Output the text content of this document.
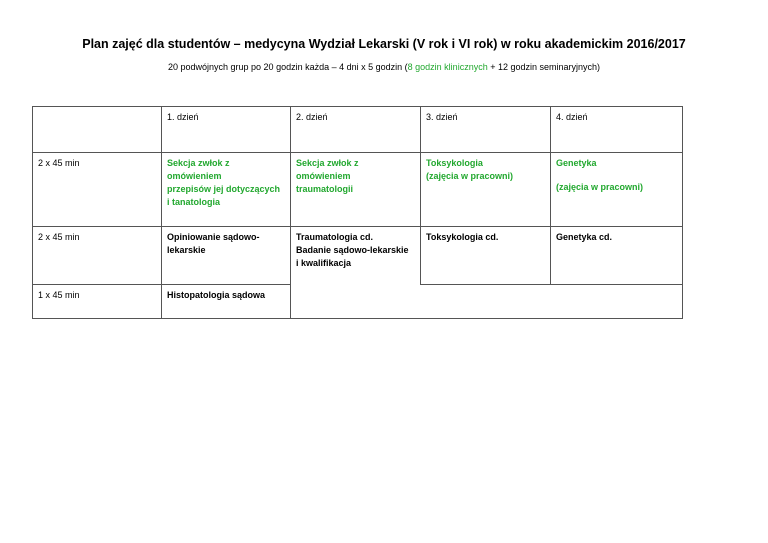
Plan zajęć dla studentów – medycyna Wydział Lekarski (V rok i VI rok) w roku akademickim 2016/2017
20 podwójnych grup po 20 godzin każda – 4 dni x 5 godzin (8 godzin klinicznych + 12 godzin seminaryjnych)
	1. dzień	2. dzień	3. dzień	4. dzień
2 x 45 min	Sekcja zwłok z omówieniem
przepisów jej dotyczących
i tanatologia	Sekcja zwłok z omówieniem
traumatologii	Toksykologia
(zajęcia w pracowni)	Genetyka
(zajęcia w pracowni)

2 x 45 min	Opiniowanie sądowo-
lekarskie	Traumatologia cd.
Badanie sądowo-lekarskie
i kwalifikacja	Toksykologia cd.	Genetyka cd.

1 x 45 min	Histopatologia sądowa			
